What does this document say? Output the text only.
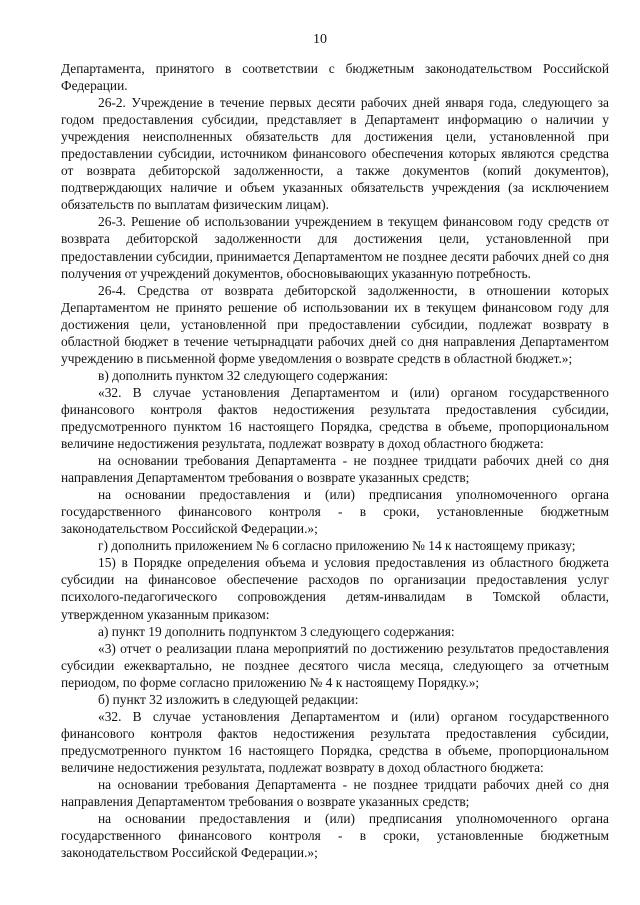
10

Департамента, принятого в соответствии с бюджетным законодательством Российской Федерации.

26-2. Учреждение в течение первых десяти рабочих дней января года, следующего за годом предоставления субсидии, представляет в Департамент информацию о наличии у учреждения неисполненных обязательств для достижения цели, установленной при предоставлении субсидии, источником финансового обеспечения которых являются средства от возврата дебиторской задолженности, а также документов (копий документов), подтверждающих наличие и объем указанных обязательств учреждения (за исключением обязательств по выплатам физическим лицам).

26-3. Решение об использовании учреждением в текущем финансовом году средств от возврата дебиторской задолженности для достижения цели, установленной при предоставлении субсидии, принимается Департаментом не позднее десяти рабочих дней со дня получения от учреждений документов, обосновывающих указанную потребность.

26-4. Средства от возврата дебиторской задолженности, в отношении которых Департаментом не принято решение об использовании их в текущем финансовом году для достижения цели, установленной при предоставлении субсидии, подлежат возврату в областной бюджет в течение четырнадцати рабочих дней со дня направления Департаментом учреждению в письменной форме уведомления о возврате средств в областной бюджет.»;

в) дополнить пунктом 32 следующего содержания:

«32. В случае установления Департаментом и (или) органом государственного финансового контроля фактов недостижения результата предоставления субсидии, предусмотренного пунктом 16 настоящего Порядка, средства в объеме, пропорциональном величине недостижения результата, подлежат возврату в доход областного бюджета:

на основании требования Департамента - не позднее тридцати рабочих дней со дня направления Департаментом требования о возврате указанных средств;

на основании предоставления и (или) предписания уполномоченного органа государственного финансового контроля - в сроки, установленные бюджетным законодательством Российской Федерации.»;

г) дополнить приложением № 6 согласно приложению № 14 к настоящему приказу;

15) в Порядке определения объема и условия предоставления из областного бюджета субсидии на финансовое обеспечение расходов по организации предоставления услуг психолого-педагогического сопровождения детям-инвалидам в Томской области, утвержденном указанным приказом:

а) пункт 19 дополнить подпунктом 3 следующего содержания:

«3) отчет о реализации плана мероприятий по достижению результатов предоставления субсидии ежеквартально, не позднее десятого числа месяца, следующего за отчетным периодом, по форме согласно приложению № 4 к настоящему Порядку.»;

б) пункт 32 изложить в следующей редакции:

«32. В случае установления Департаментом и (или) органом государственного финансового контроля фактов недостижения результата предоставления субсидии, предусмотренного пунктом 16 настоящего Порядка, средства в объеме, пропорциональном величине недостижения результата, подлежат возврату в доход областного бюджета:

на основании требования Департамента - не позднее тридцати рабочих дней со дня направления Департаментом требования о возврате указанных средств;

на основании предоставления и (или) предписания уполномоченного органа государственного финансового контроля - в сроки, установленные бюджетным законодательством Российской Федерации.»;
